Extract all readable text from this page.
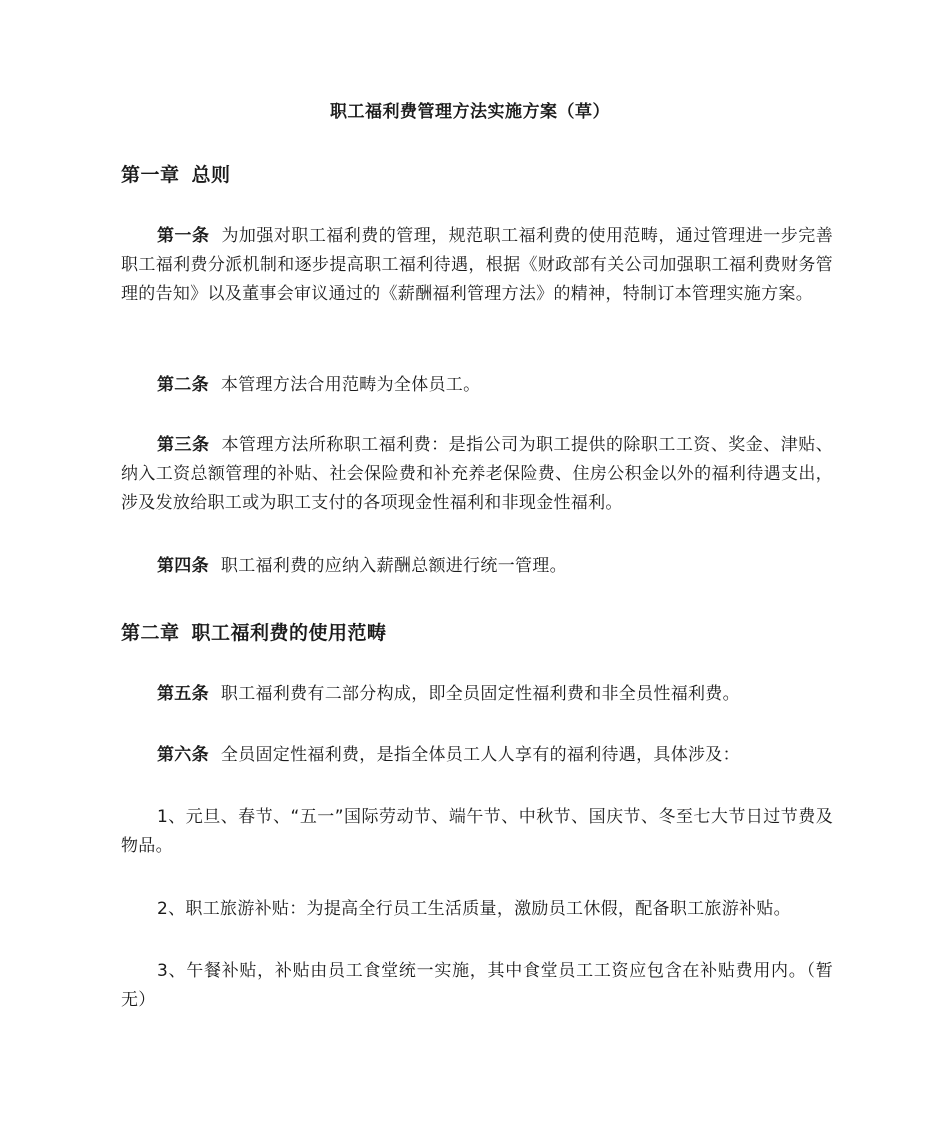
职工福利费管理方法实施方案（草）
第一章 总则
第一条 为加强对职工福利费的管理，规范职工福利费的使用范畴，通过管理进一步完善职工福利费分派机制和逐步提高职工福利待遇，根据《财政部有关公司加强职工福利费财务管理的告知》以及董事会审议通过的《薪酬福利管理方法》的精神，特制订本管理实施方案。
第二条 本管理方法合用范畴为全体员工。
第三条 本管理方法所称职工福利费：是指公司为职工提供的除职工工资、奖金、津贴、纳入工资总额管理的补贴、社会保险费和补充养老保险费、住房公积金以外的福利待遇支出，涉及发放给职工或为职工支付的各项现金性福利和非现金性福利。
第四条 职工福利费的应纳入薪酬总额进行统一管理。
第二章 职工福利费的使用范畴
第五条 职工福利费有二部分构成，即全员固定性福利费和非全员性福利费。
第六条 全员固定性福利费，是指全体员工人人享有的福利待遇，具体涉及：
1、元旦、春节、“五一”国际劳动节、端午节、中秋节、国庆节、冬至七大节日过节费及物品。
2、职工旅游补贴：为提高全行员工生活质量，激励员工休假，配备职工旅游补贴。
3、午餐补贴，补贴由员工食堂统一实施，其中食堂员工工资应包含在补贴费用内。（暂无）
